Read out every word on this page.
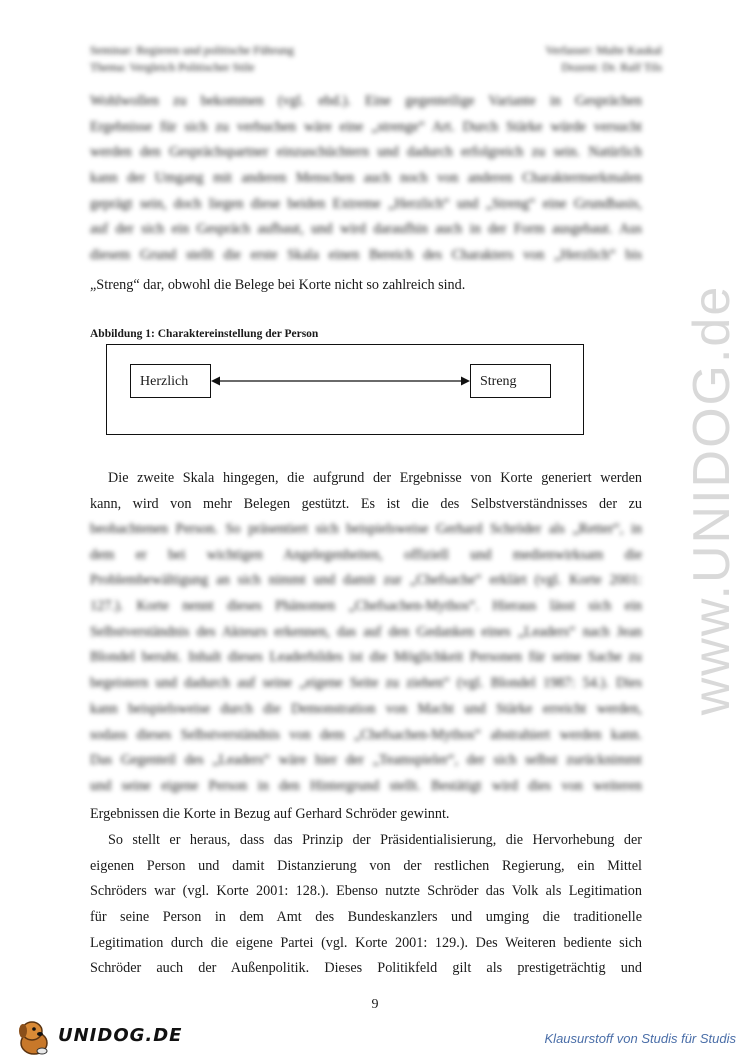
Seminar: Regieren und politische Führung
Thema: Vergleich Politischer Stile
Verfasser: Malte Kaukal
Dozent: Dr. Ralf Tils
Wohlwollen zu bekommen (vgl. ebd.). Eine gegenteilige Variante in Gesprächen
Ergebnisse für sich zu verbuchen wäre eine „strenge“ Art. Durch Stärke würde versucht
werden den Gesprächspartner einzuschüchtern und dadurch erfolgreich zu sein. Natürlich
kann der Umgang mit anderen Menschen auch noch von anderen Charaktermerkmalen
geprägt sein, doch liegen diese beiden Extreme „Herzlich“ und „Streng“ eine Grundbasis,
auf der sich ein Gespräch aufbaut, und wird daraufhin auch in der Form ausgebaut. Aus
diesem Grund stellt die erste Skala einen Bereich des Charakters von „Herzlich“ bis
„Streng“ dar, obwohl die Belege bei Korte nicht so zahlreich sind.
Abbildung 1: Charaktereinstellung der Person
Herzlich	Streng
Die zweite Skala hingegen, die aufgrund der Ergebnisse von Korte generiert werden
kann, wird von mehr Belegen gestützt. Es ist die des Selbstverständnisses der zu
beobachtenen Person. So präsentiert sich beispielsweise Gerhard Schröder als „Retter“, in
dem er bei wichtigen Angelegenheiten, offiziell und medienwirksam die
Problembewältigung an sich nimmt und damit zur „Chefsache“ erklärt (vgl. Korte 2001:
127.). Korte nennt dieses Phänomen „Chefsachen-Mythos“. Hieraus lässt sich ein
Selbstverständnis des Akteurs erkennen, das auf den Gedanken eines „Leaders“ nach Jean
Blondel beruht. Inhalt dieses Leaderbildes ist die Möglichkeit Personen für seine Sache zu
begeistern und dadurch auf seine „eigene Seite zu ziehen“ (vgl. Blondel 1987: 54.). Dies
kann beispielsweise durch die Demonstration von Macht und Stärke erreicht werden,
sodass dieses Selbstverständnis von dem „Chefsachen-Mythos“ abstrahiert werden kann.
Das Gegenteil des „Leaders“ wäre hier der „Teamspieler“, der sich selbst zurücknimmt
und seine eigene Person in den Hintergrund stellt. Bestätigt wird dies von weiteren
Ergebnissen die Korte in Bezug auf Gerhard Schröder gewinnt.
So stellt er heraus, dass das Prinzip der Präsidentialisierung, die Hervorhebung der
eigenen Person und damit Distanzierung von der restlichen Regierung, ein Mittel
Schröders war (vgl. Korte 2001: 128.). Ebenso nutzte Schröder das Volk als Legitimation
für seine Person in dem Amt des Bundeskanzlers und umging die traditionelle
Legitimation durch die eigene Partei (vgl. Korte 2001: 129.). Des Weiteren bediente sich
Schröder auch der Außenpolitik. Dieses Politikfeld gilt als prestigeträchtig und
9
www.UNIDOG.de
UNIDOG.DE	Klausurstoff von Studis für Studis
